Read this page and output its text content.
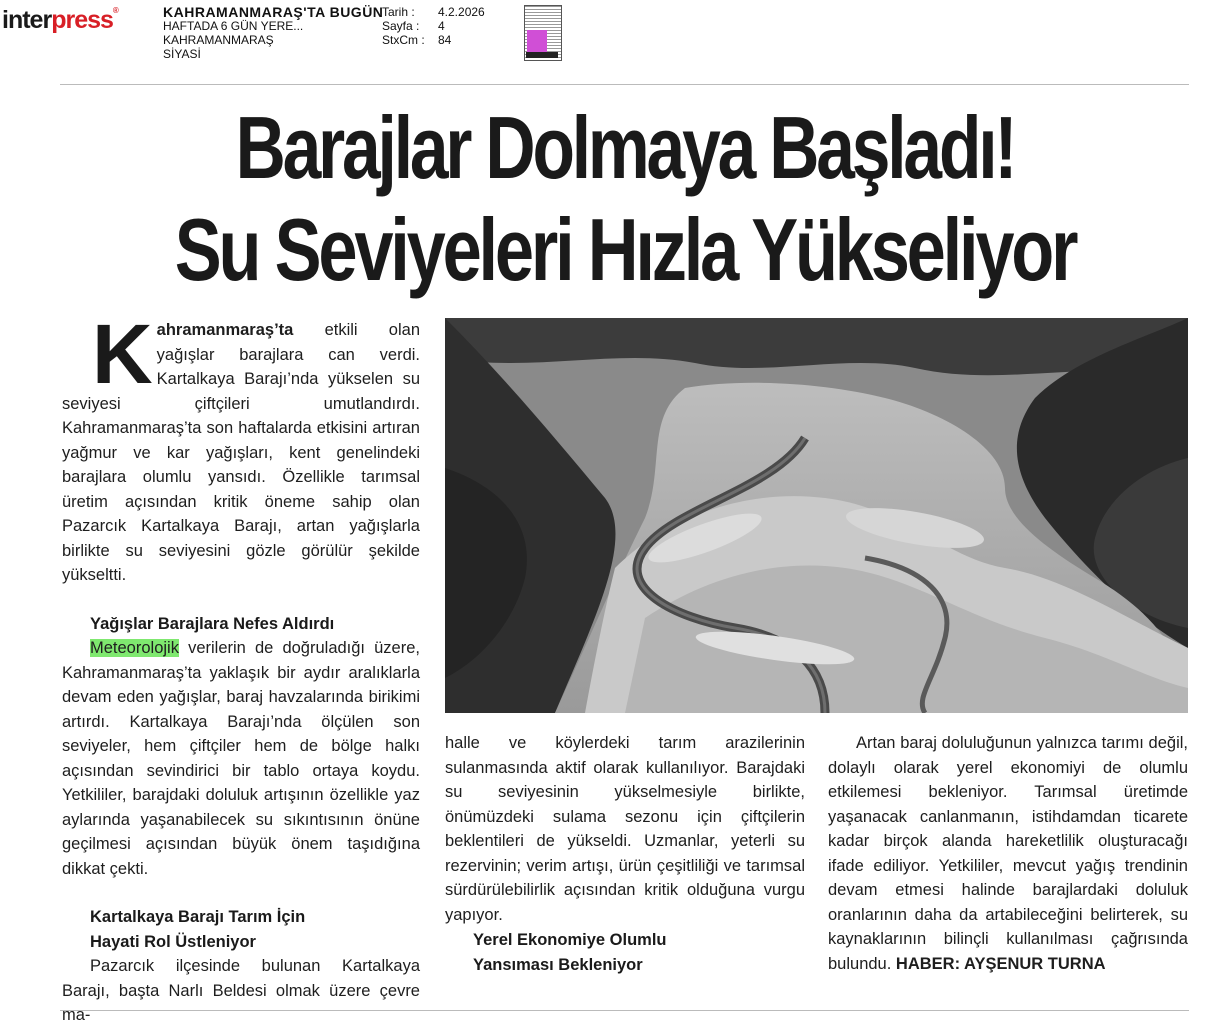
interpress®	KAHRAMANMARAŞ'TA BUGÜN
HAFTADA 6 GÜN YERE...
KAHRAMANMARAŞ
SİYASİ
Tarih :	4.2.2026
Sayfa :	4
StxCm :	84
Barajlar Dolmaya Başladı!
Su Seviyeleri Hızla Yükseliyor

Kahramanmaraş’ta etkili olan yağışlar barajlara can verdi. Kartalkaya Barajı’nda yükselen su seviyesi çiftçileri umutlandırdı. Kahramanmaraş’ta son haftalarda etkisini artıran yağmur ve kar yağışları, kent genelindeki barajlara olumlu yansıdı. Özellikle tarımsal üretim açısından kritik öneme sahip olan Pazarcık Kartalkaya Barajı, artan yağışlarla birlikte su seviyesini gözle görülür şekilde yükseltti.

Yağışlar Barajlara Nefes Aldırdı

Meteorolojik verilerin de doğruladığı üzere, Kahramanmaraş’ta yaklaşık bir aydır aralıklarla devam eden yağışlar, baraj havzalarında birikimi artırdı. Kartalkaya Barajı’nda ölçülen son seviyeler, hem çiftçiler hem de bölge halkı açısından sevindirici bir tablo ortaya koydu. Yetkililer, barajdaki doluluk artışının özellikle yaz aylarında yaşanabilecek su sıkıntısının önüne geçilmesi açısından büyük önem taşıdığına dikkat çekti.

Kartalkaya Barajı Tarım İçin

Hayati Rol Üstleniyor

Pazarcık ilçesinde bulunan Kartalkaya Barajı, başta Narlı Beldesi olmak üzere çevre ma-

halle ve köylerdeki tarım arazilerinin sulanmasında aktif olarak kullanılıyor. Barajdaki su seviyesinin yükselmesiyle birlikte, önümüzdeki sulama sezonu için çiftçilerin beklentileri de yükseldi. Uzmanlar, yeterli su rezervinin; verim artışı, ürün çeşitliliği ve tarımsal sürdürülebilirlik açısından kritik olduğuna vurgu yapıyor.

Yerel Ekonomiye Olumlu
Yansıması Bekleniyor

Artan baraj doluluğunun yalnızca tarımı değil, dolaylı olarak yerel ekonomiyi de olumlu etkilemesi bekleniyor. Tarımsal üretimde yaşanacak canlanmanın, istihdamdan ticarete kadar birçok alanda hareketlilik oluşturacağı ifade ediliyor. Yetkililer, mevcut yağış trendinin devam etmesi halinde barajlardaki doluluk oranlarının daha da artabileceğini belirterek, su kaynaklarının bilinçli kullanılması çağrısında bulundu. HABER: AYŞENUR TURNA
